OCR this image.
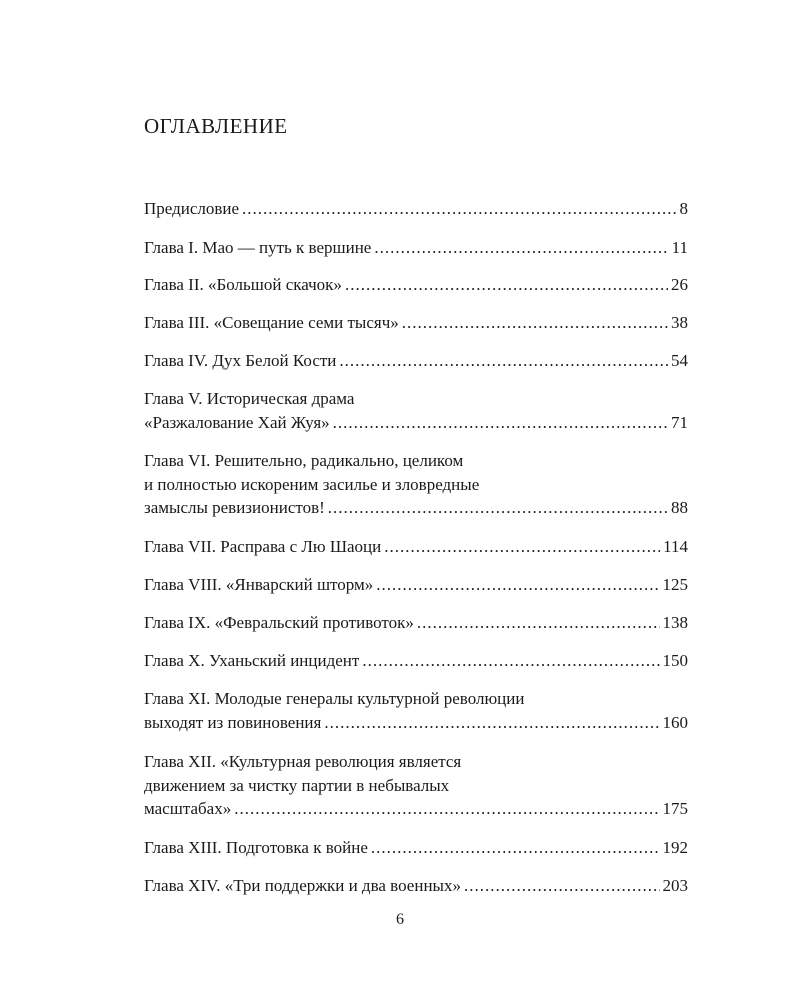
ОГЛАВЛЕНИЕ
Предисловие .....	8
Глава I. Мао — путь к вершине .....	11
Глава II. «Большой скачок» .....	26
Глава III. «Совещание семи тысяч» .....	38
Глава IV. Дух Белой Кости .....	54
Глава V. Историческая драма
«Разжалование Хай Жуя» .....	71
Глава VI. Решительно, радикально, целиком
и полностью искореним засилье и зловредные
замыслы ревизионистов! .....	88
Глава VII. Расправа с Лю Шаоци .....	114
Глава VIII. «Январский шторм» .....	125
Глава IX. «Февральский противоток» .....	138
Глава X. Уханьский инцидент .....	150
Глава XI. Молодые генералы культурной революции
выходят из повиновения .....	160
Глава XII. «Культурная революция является
движением за чистку партии в небывалых
масштабах» .....	175
Глава XIII. Подготовка к войне .....	192
Глава XIV. «Три поддержки и два военных» .....	203
6
